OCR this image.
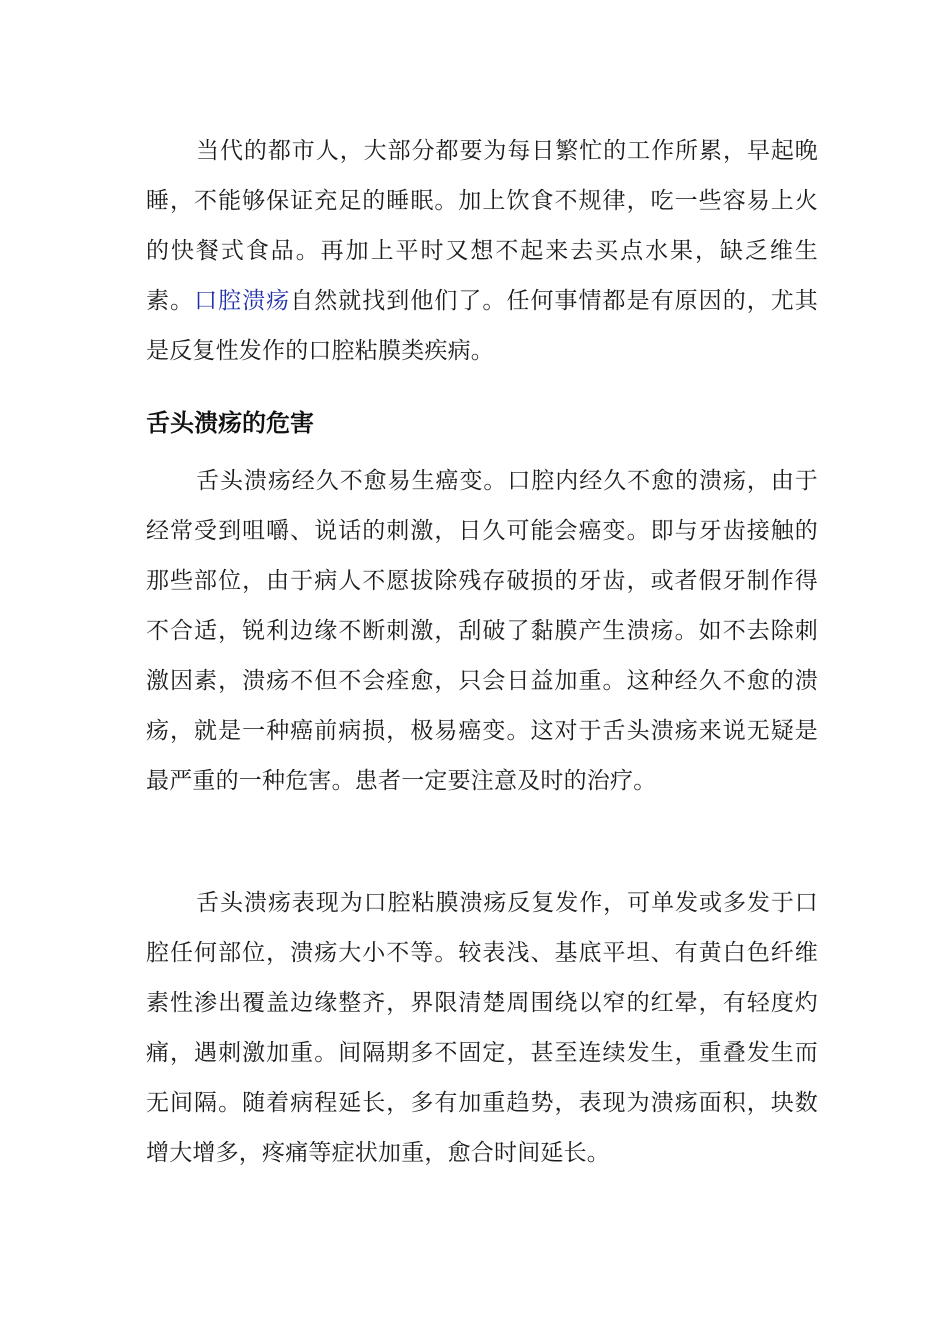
当代的都市人，大部分都要为每日繁忙的工作所累，早起晚睡，不能够保证充足的睡眠。加上饮食不规律，吃一些容易上火的快餐式食品。再加上平时又想不起来去买点水果，缺乏维生素。口腔溃疡自然就找到他们了。任何事情都是有原因的，尤其是反复性发作的口腔粘膜类疾病。

舌头溃疡的危害

舌头溃疡经久不愈易生癌变。口腔内经久不愈的溃疡，由于经常受到咀嚼、说话的刺激，日久可能会癌变。即与牙齿接触的那些部位，由于病人不愿拔除残存破损的牙齿，或者假牙制作得不合适，锐利边缘不断刺激，刮破了黏膜产生溃疡。如不去除刺激因素，溃疡不但不会痊愈，只会日益加重。这种经久不愈的溃疡，就是一种癌前病损，极易癌变。这对于舌头溃疡来说无疑是最严重的一种危害。患者一定要注意及时的治疗。

舌头溃疡表现为口腔粘膜溃疡反复发作，可单发或多发于口腔任何部位，溃疡大小不等。较表浅、基底平坦、有黄白色纤维素性渗出覆盖边缘整齐，界限清楚周围绕以窄的红晕，有轻度灼痛，遇刺激加重。间隔期多不固定，甚至连续发生，重叠发生而无间隔。随着病程延长，多有加重趋势，表现为溃疡面积，块数增大增多，疼痛等症状加重，愈合时间延长。
